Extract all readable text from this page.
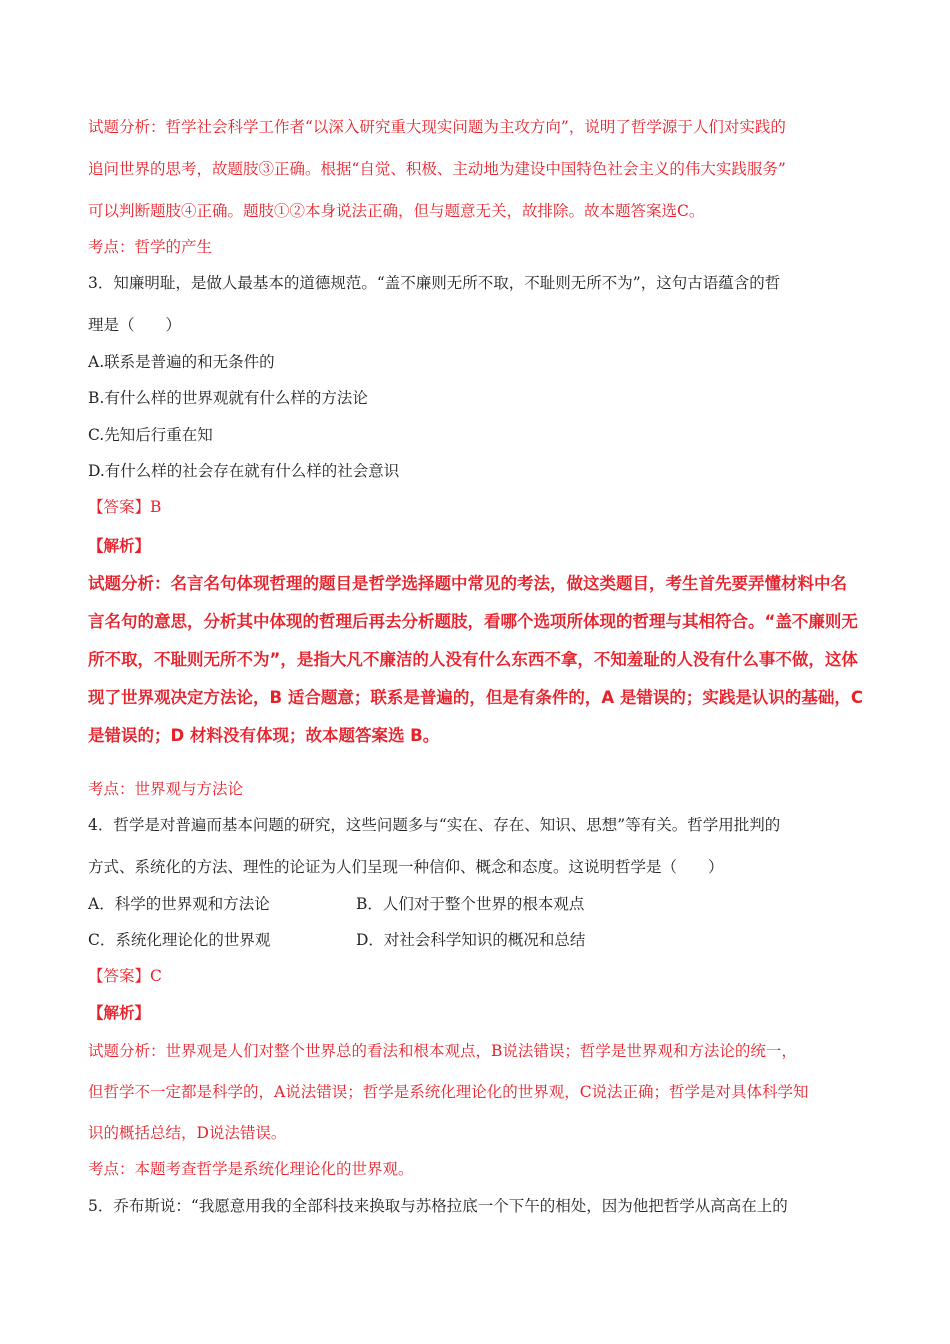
试题分析：哲学社会科学工作者“以深入研究重大现实问题为主攻方向”，说明了哲学源于人们对实践的
追问世界的思考，故题肢③正确。根据“自觉、积极、主动地为建设中国特色社会主义的伟大实践服务”
可以判断题肢④正确。题肢①②本身说法正确，但与题意无关，故排除。故本题答案选C。
考点：哲学的产生
3．知廉明耻，是做人最基本的道德规范。“盖不廉则无所不取，不耻则无所不为”，这句古语蕴含的哲
理是（　　）
A.联系是普遍的和无条件的
B.有什么样的世界观就有什么样的方法论
C.先知后行重在知
D.有什么样的社会存在就有什么样的社会意识
【答案】B
【解析】
试题分析：名言名句体现哲理的题目是哲学选择题中常见的考法，做这类题目，考生首先要弄懂材料中名
言名句的意思，分析其中体现的哲理后再去分析题肢，看哪个选项所体现的哲理与其相符合。“盖不廉则无
所不取，不耻则无所不为”，是指大凡不廉洁的人没有什么东西不拿，不知羞耻的人没有什么事不做，这体
现了世界观决定方法论，B 适合题意；联系是普遍的，但是有条件的，A 是错误的；实践是认识的基础，C
是错误的；D 材料没有体现；故本题答案选 B。
考点：世界观与方法论
4．哲学是对普遍而基本问题的研究，这些问题多与“实在、存在、知识、思想”等有关。哲学用批判的
方式、系统化的方法、理性的论证为人们呈现一种信仰、概念和态度。这说明哲学是（　　）
A．科学的世界观和方法论	B．人们对于整个世界的根本观点
C．系统化理论化的世界观	D．对社会科学知识的概况和总结
【答案】C
【解析】
试题分析：世界观是人们对整个世界总的看法和根本观点，B说法错误；哲学是世界观和方法论的统一，
但哲学不一定都是科学的，A说法错误；哲学是系统化理论化的世界观，C说法正确；哲学是对具体科学知
识的概括总结，D说法错误。
考点：本题考查哲学是系统化理论化的世界观。
5．乔布斯说：“我愿意用我的全部科技来换取与苏格拉底一个下午的相处，因为他把哲学从高高在上的
